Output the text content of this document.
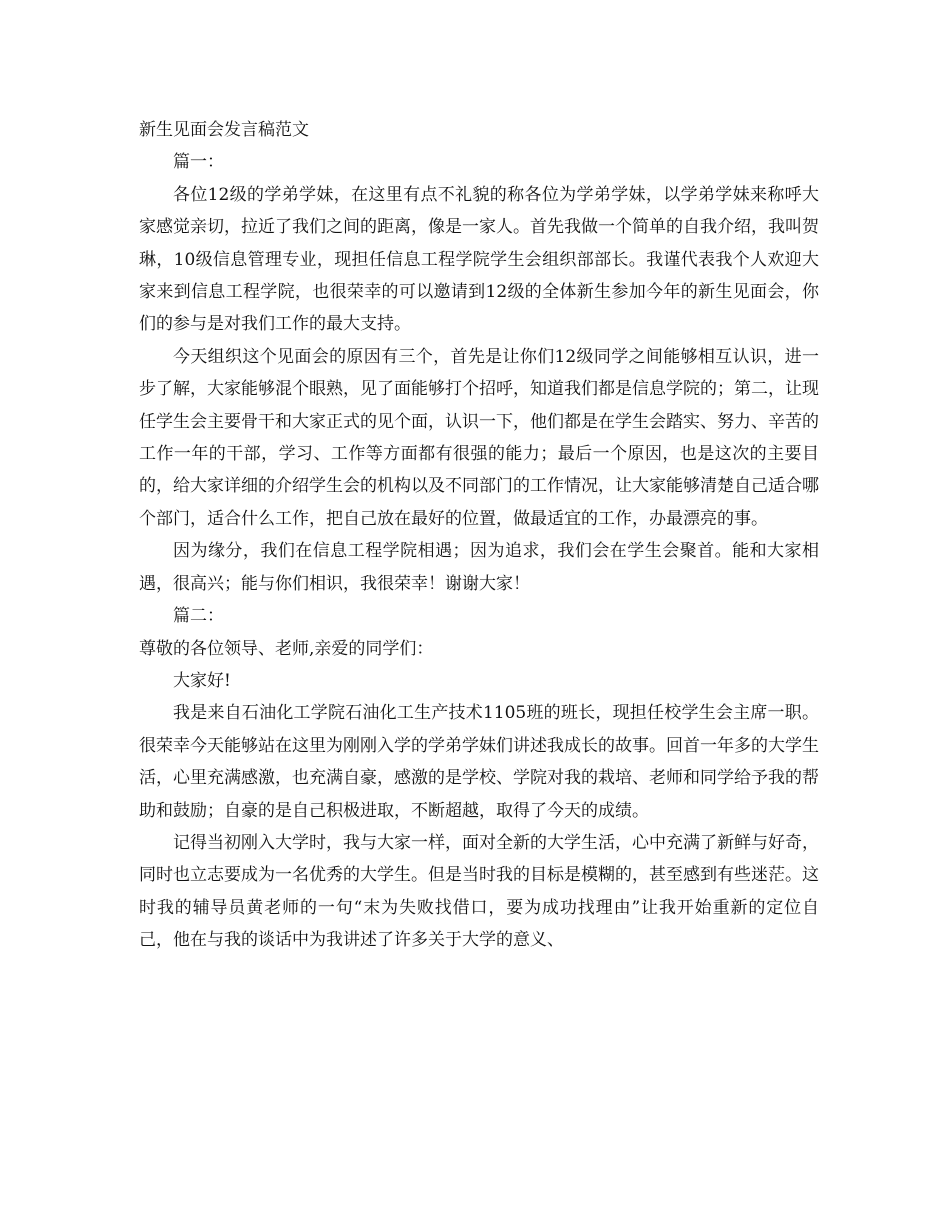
新生见面会发言稿范文

篇一：

各位12级的学弟学妹，在这里有点不礼貌的称各位为学弟学妹，以学弟学妹来称呼大家感觉亲切，拉近了我们之间的距离，像是一家人。首先我做一个简单的自我介绍，我叫贺琳，10级信息管理专业，现担任信息工程学院学生会组织部部长。我谨代表我个人欢迎大家来到信息工程学院，也很荣幸的可以邀请到12级的全体新生参加今年的新生见面会，你们的参与是对我们工作的最大支持。

今天组织这个见面会的原因有三个，首先是让你们12级同学之间能够相互认识，进一步了解，大家能够混个眼熟，见了面能够打个招呼，知道我们都是信息学院的；第二，让现任学生会主要骨干和大家正式的见个面，认识一下，他们都是在学生会踏实、努力、辛苦的工作一年的干部，学习、工作等方面都有很强的能力；最后一个原因，也是这次的主要目的，给大家详细的介绍学生会的机构以及不同部门的工作情况，让大家能够清楚自己适合哪个部门，适合什么工作，把自己放在最好的位置，做最适宜的工作，办最漂亮的事。

因为缘分，我们在信息工程学院相遇；因为追求，我们会在学生会聚首。能和大家相遇，很高兴；能与你们相识，我很荣幸！谢谢大家！

篇二：

尊敬的各位领导、老师,亲爱的同学们：

大家好!

我是来自石油化工学院石油化工生产技术1105班的班长，现担任校学生会主席一职。很荣幸今天能够站在这里为刚刚入学的学弟学妹们讲述我成长的故事。回首一年多的大学生活，心里充满感激，也充满自豪，感激的是学校、学院对我的栽培、老师和同学给予我的帮助和鼓励；自豪的是自己积极进取，不断超越，取得了今天的成绩。

记得当初刚入大学时，我与大家一样，面对全新的大学生活，心中充满了新鲜与好奇，同时也立志要成为一名优秀的大学生。但是当时我的目标是模糊的，甚至感到有些迷茫。这时我的辅导员黄老师的一句“末为失败找借口，要为成功找理由”让我开始重新的定位自己，他在与我的谈话中为我讲述了许多关于大学的意义、
